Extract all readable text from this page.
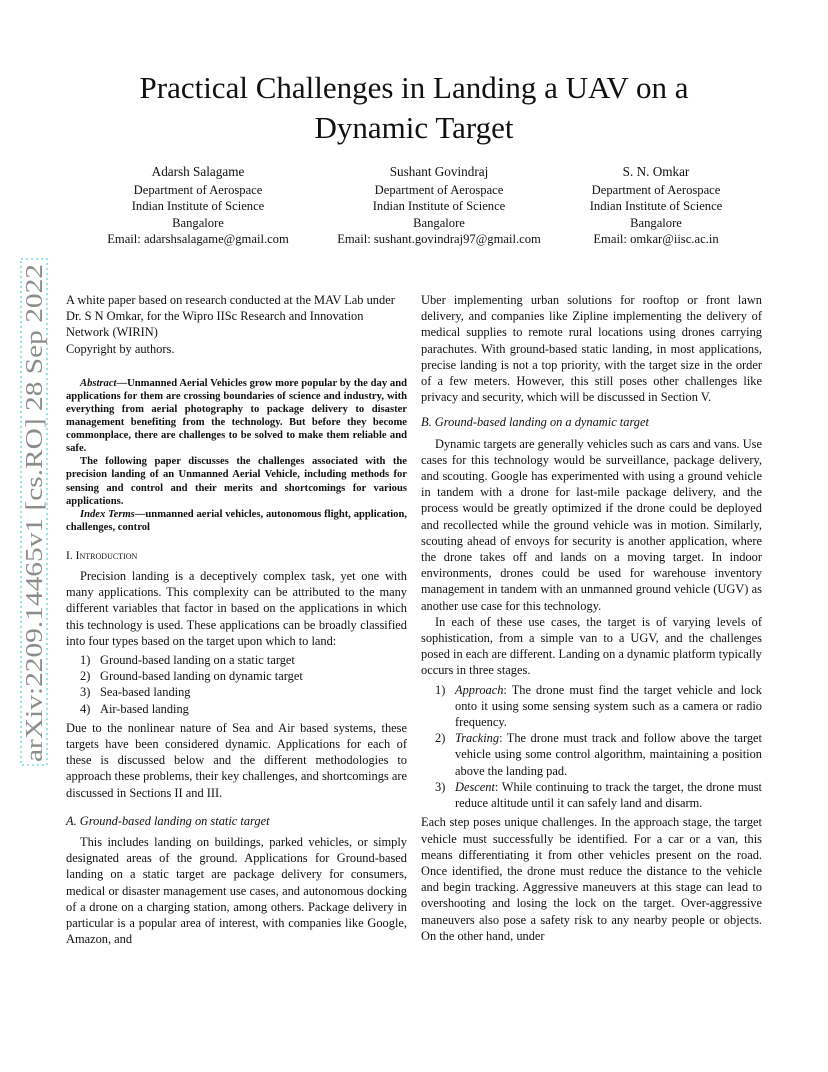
Practical Challenges in Landing a UAV on a
Dynamic Target
Adarsh Salagame
Department of Aerospace
Indian Institute of Science
Bangalore
Email: adarshsalagame@gmail.com
Sushant Govindraj
Department of Aerospace
Indian Institute of Science
Bangalore
Email: sushant.govindraj97@gmail.com
S. N. Omkar
Department of Aerospace
Indian Institute of Science
Bangalore
Email: omkar@iisc.ac.in
arXiv:2209.14465v1 [cs.RO] 28 Sep 2022

A white paper based on research conducted at the MAV Lab under Dr. S N Omkar, for the Wipro IISc Research and Innovation Network (WIRIN)

Copyright by authors.

Abstract—Unmanned Aerial Vehicles grow more popular by the day and applications for them are crossing boundaries of science and industry, with everything from aerial photography to package delivery to disaster management benefiting from the technology. But before they become commonplace, there are challenges to be solved to make them reliable and safe.

The following paper discusses the challenges associated with the precision landing of an Unmanned Aerial Vehicle, including methods for sensing and control and their merits and shortcomings for various applications.

Index Terms—unmanned aerial vehicles, autonomous flight, application, challenges, control

I. Introduction

Precision landing is a deceptively complex task, yet one with many applications. This complexity can be attributed to the many different variables that factor in based on the applications in which this technology is used. These applications can be broadly classified into four types based on the target upon which to land:

1) Ground-based landing on a static target
2) Ground-based landing on dynamic target
3) Sea-based landing
4) Air-based landing

Due to the nonlinear nature of Sea and Air based systems, these targets have been considered dynamic. Applications for each of these is discussed below and the different methodologies to approach these problems, their key challenges, and shortcomings are discussed in Sections II and III.

A. Ground-based landing on static target

This includes landing on buildings, parked vehicles, or simply designated areas of the ground. Applications for Ground-based landing on a static target are package delivery for consumers, medical or disaster management use cases, and autonomous docking of a drone on a charging station, among others. Package delivery in particular is a popular area of interest, with companies like Google, Amazon, and

Uber implementing urban solutions for rooftop or front lawn delivery, and companies like Zipline implementing the delivery of medical supplies to remote rural locations using drones carrying parachutes. With ground-based static landing, in most applications, precise landing is not a top priority, with the target size in the order of a few meters. However, this still poses other challenges like privacy and security, which will be discussed in Section V.

B. Ground-based landing on a dynamic target

Dynamic targets are generally vehicles such as cars and vans. Use cases for this technology would be surveillance, package delivery, and scouting. Google has experimented with using a ground vehicle in tandem with a drone for last-mile package delivery, and the process would be greatly optimized if the drone could be deployed and recollected while the ground vehicle was in motion. Similarly, scouting ahead of envoys for security is another application, where the drone takes off and lands on a moving target. In indoor environments, drones could be used for warehouse inventory management in tandem with an unmanned ground vehicle (UGV) as another use case for this technology.

In each of these use cases, the target is of varying levels of sophistication, from a simple van to a UGV, and the challenges posed in each are different. Landing on a dynamic platform typically occurs in three stages.

1) Approach: The drone must find the target vehicle and lock onto it using some sensing system such as a camera or radio frequency.
2) Tracking: The drone must track and follow above the target vehicle using some control algorithm, maintaining a position above the landing pad.
3) Descent: While continuing to track the target, the drone must reduce altitude until it can safely land and disarm.

Each step poses unique challenges. In the approach stage, the target vehicle must successfully be identified. For a car or a van, this means differentiating it from other vehicles present on the road. Once identified, the drone must reduce the distance to the vehicle and begin tracking. Aggressive maneuvers at this stage can lead to overshooting and losing the lock on the target. Over-aggressive maneuvers also pose a safety risk to any nearby people or objects. On the other hand, under
